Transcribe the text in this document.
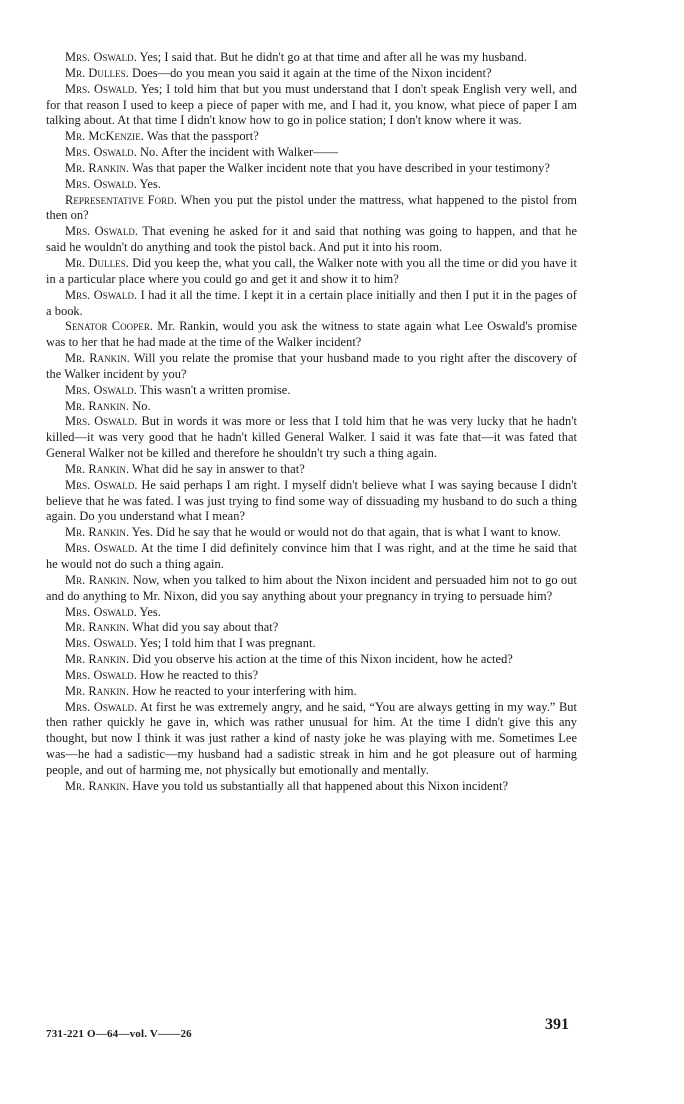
Mrs. Oswald. Yes; I said that. But he didn't go at that time and after all he was my husband.

Mr. Dulles. Does—do you mean you said it again at the time of the Nixon incident?

Mrs. Oswald. Yes; I told him that but you must understand that I don't speak English very well, and for that reason I used to keep a piece of paper with me, and I had it, you know, what piece of paper I am talking about. At that time I didn't know how to go in police station; I don't know where it was.

Mr. McKenzie. Was that the passport?

Mrs. Oswald. No. After the incident with Walker——

Mr. Rankin. Was that paper the Walker incident note that you have described in your testimony?

Mrs. Oswald. Yes.

Representative Ford. When you put the pistol under the mattress, what happened to the pistol from then on?

Mrs. Oswald. That evening he asked for it and said that nothing was going to happen, and that he said he wouldn't do anything and took the pistol back. And put it into his room.

Mr. Dulles. Did you keep the, what you call, the Walker note with you all the time or did you have it in a particular place where you could go and get it and show it to him?

Mrs. Oswald. I had it all the time. I kept it in a certain place initially and then I put it in the pages of a book.

Senator Cooper. Mr. Rankin, would you ask the witness to state again what Lee Oswald's promise was to her that he had made at the time of the Walker incident?

Mr. Rankin. Will you relate the promise that your husband made to you right after the discovery of the Walker incident by you?

Mrs. Oswald. This wasn't a written promise.

Mr. Rankin. No.

Mrs. Oswald. But in words it was more or less that I told him that he was very lucky that he hadn't killed—it was very good that he hadn't killed General Walker. I said it was fate that—it was fated that General Walker not be killed and therefore he shouldn't try such a thing again.

Mr. Rankin. What did he say in answer to that?

Mrs. Oswald. He said perhaps I am right. I myself didn't believe what I was saying because I didn't believe that he was fated. I was just trying to find some way of dissuading my husband to do such a thing again. Do you understand what I mean?

Mr. Rankin. Yes. Did he say that he would or would not do that again, that is what I want to know.

Mrs. Oswald. At the time I did definitely convince him that I was right, and at the time he said that he would not do such a thing again.

Mr. Rankin. Now, when you talked to him about the Nixon incident and persuaded him not to go out and do anything to Mr. Nixon, did you say anything about your pregnancy in trying to persuade him?

Mrs. Oswald. Yes.

Mr. Rankin. What did you say about that?

Mrs. Oswald. Yes; I told him that I was pregnant.

Mr. Rankin. Did you observe his action at the time of this Nixon incident, how he acted?

Mrs. Oswald. How he reacted to this?

Mr. Rankin. How he reacted to your interfering with him.

Mrs. Oswald. At first he was extremely angry, and he said, “You are always getting in my way.” But then rather quickly he gave in, which was rather unusual for him. At the time I didn't give this any thought, but now I think it was just rather a kind of nasty joke he was playing with me. Sometimes Lee was—he had a sadistic—my husband had a sadistic streak in him and he got pleasure out of harming people, and out of harming me, not physically but emotionally and mentally.

Mr. Rankin. Have you told us substantially all that happened about this Nixon incident?

731-221 O—64—vol. V——26
391
